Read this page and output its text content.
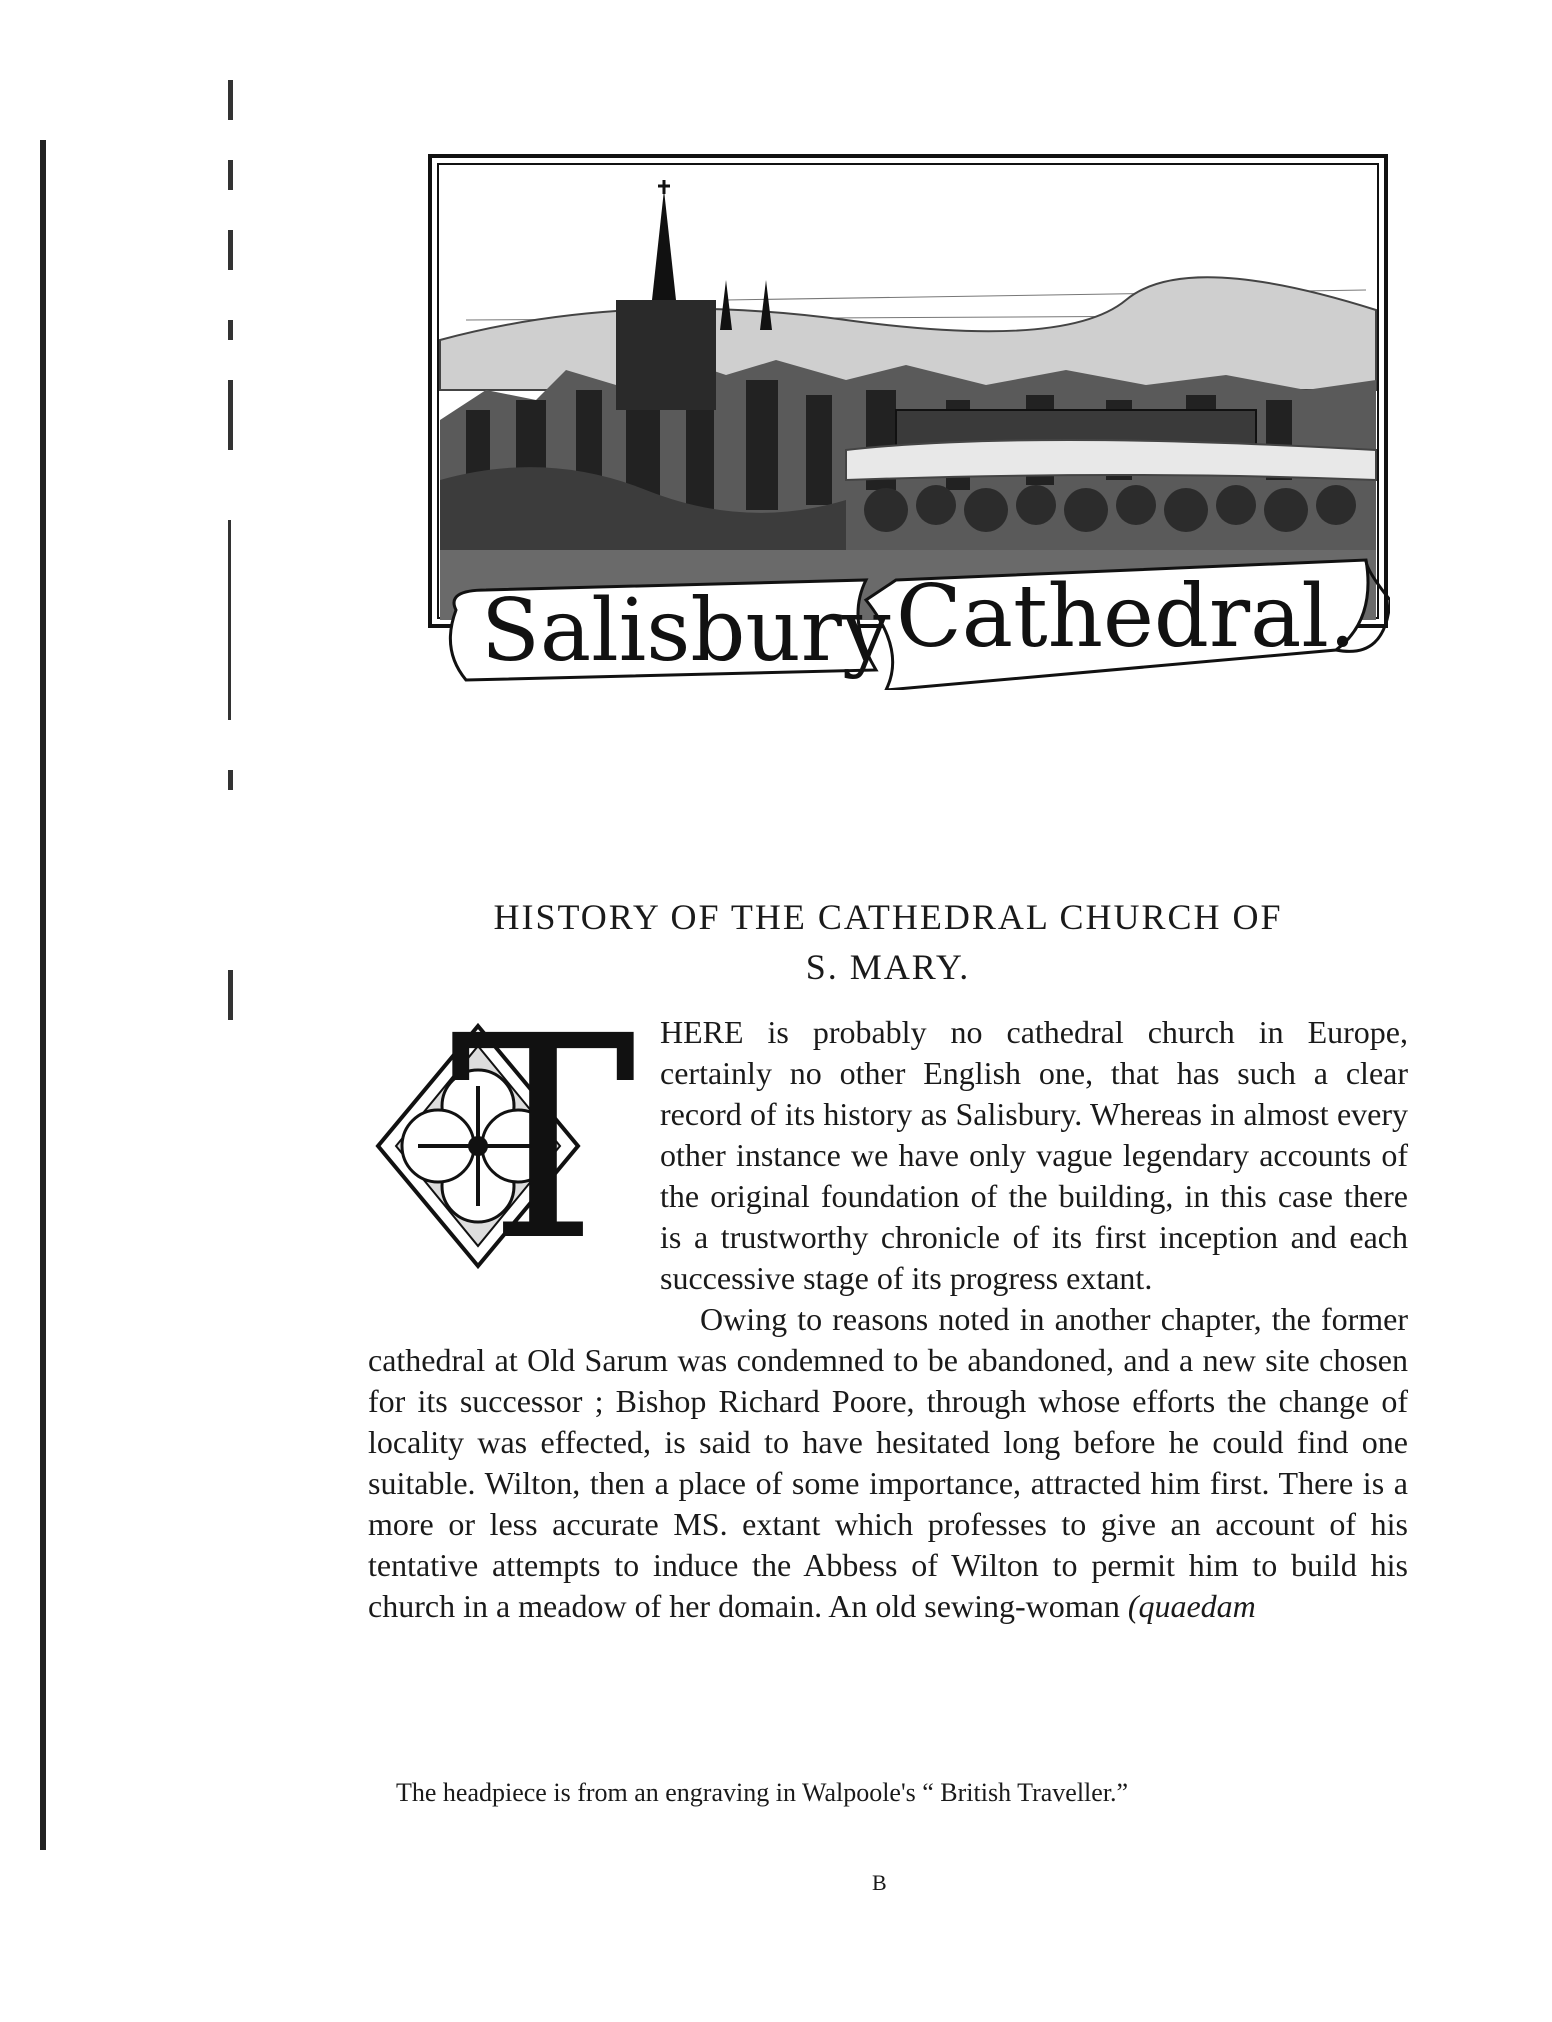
Salisbury Cathedral.
HISTORY OF THE CATHEDRAL CHURCH OF
S. MARY.
T HERE is probably no cathedral church in Europe, certainly no other English one, that has such a clear record of its history as Salisbury. Whereas in almost every other instance we have only vague legendary accounts of the original foundation of the building, in this case there is a trustworthy chronicle of its first inception and each successive stage of its progress extant.

Owing to reasons noted in another chapter, the former cathedral at Old Sarum was condemned to be abandoned, and a new site chosen for its successor ; Bishop Richard Poore, through whose efforts the change of locality was effected, is said to have hesitated long before he could find one suitable. Wilton, then a place of some importance, attracted him first. There is a more or less accurate MS. extant which professes to give an account of his tentative attempts to induce the Abbess of Wilton to permit him to build his church in a meadow of her domain. An old sewing-woman (quaedam

The headpiece is from an engraving in Walpoole's “ British Traveller.”
B
